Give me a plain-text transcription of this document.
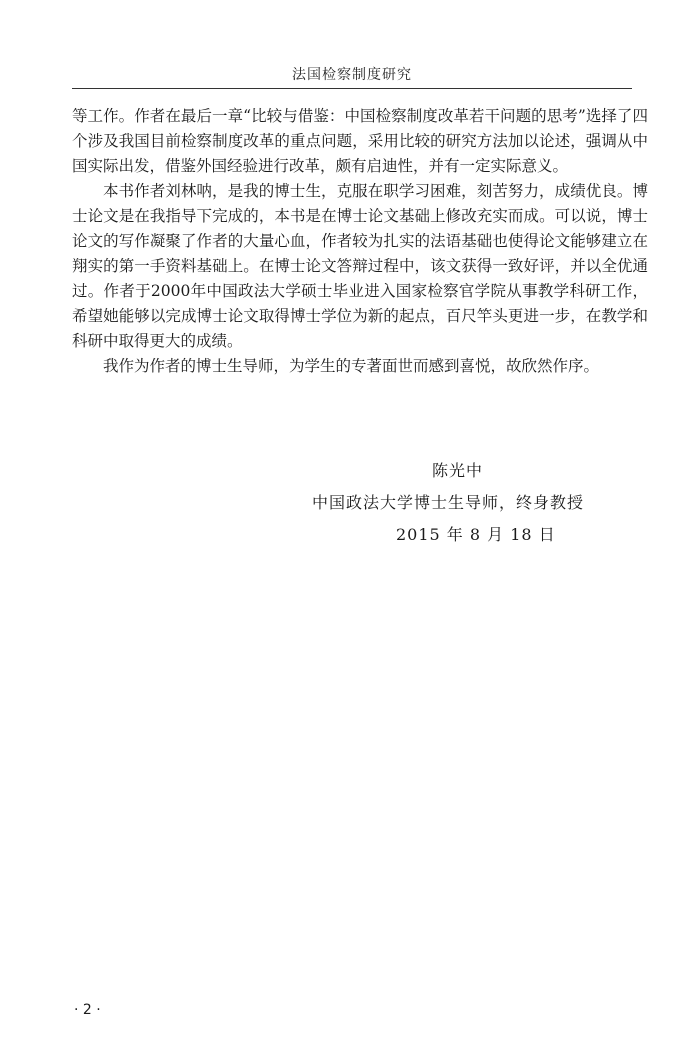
法国检察制度研究

等工作。作者在最后一章“比较与借鉴：中国检察制度改革若干问题的思考”选择了四个涉及我国目前检察制度改革的重点问题，采用比较的研究方法加以论述，强调从中国实际出发，借鉴外国经验进行改革，颇有启迪性，并有一定实际意义。

本书作者刘林呐，是我的博士生，克服在职学习困难，刻苦努力，成绩优良。博士论文是在我指导下完成的，本书是在博士论文基础上修改充实而成。可以说，博士论文的写作凝聚了作者的大量心血，作者较为扎实的法语基础也使得论文能够建立在翔实的第一手资料基础上。在博士论文答辩过程中，该文获得一致好评，并以全优通过。作者于2000年中国政法大学硕士毕业进入国家检察官学院从事教学科研工作，希望她能够以完成博士论文取得博士学位为新的起点，百尺竿头更进一步，在教学和科研中取得更大的成绩。

我作为作者的博士生导师，为学生的专著面世而感到喜悦，故欣然作序。

陈光中
中国政法大学博士生导师，终身教授
2015 年 8 月 18 日
· 2 ·
